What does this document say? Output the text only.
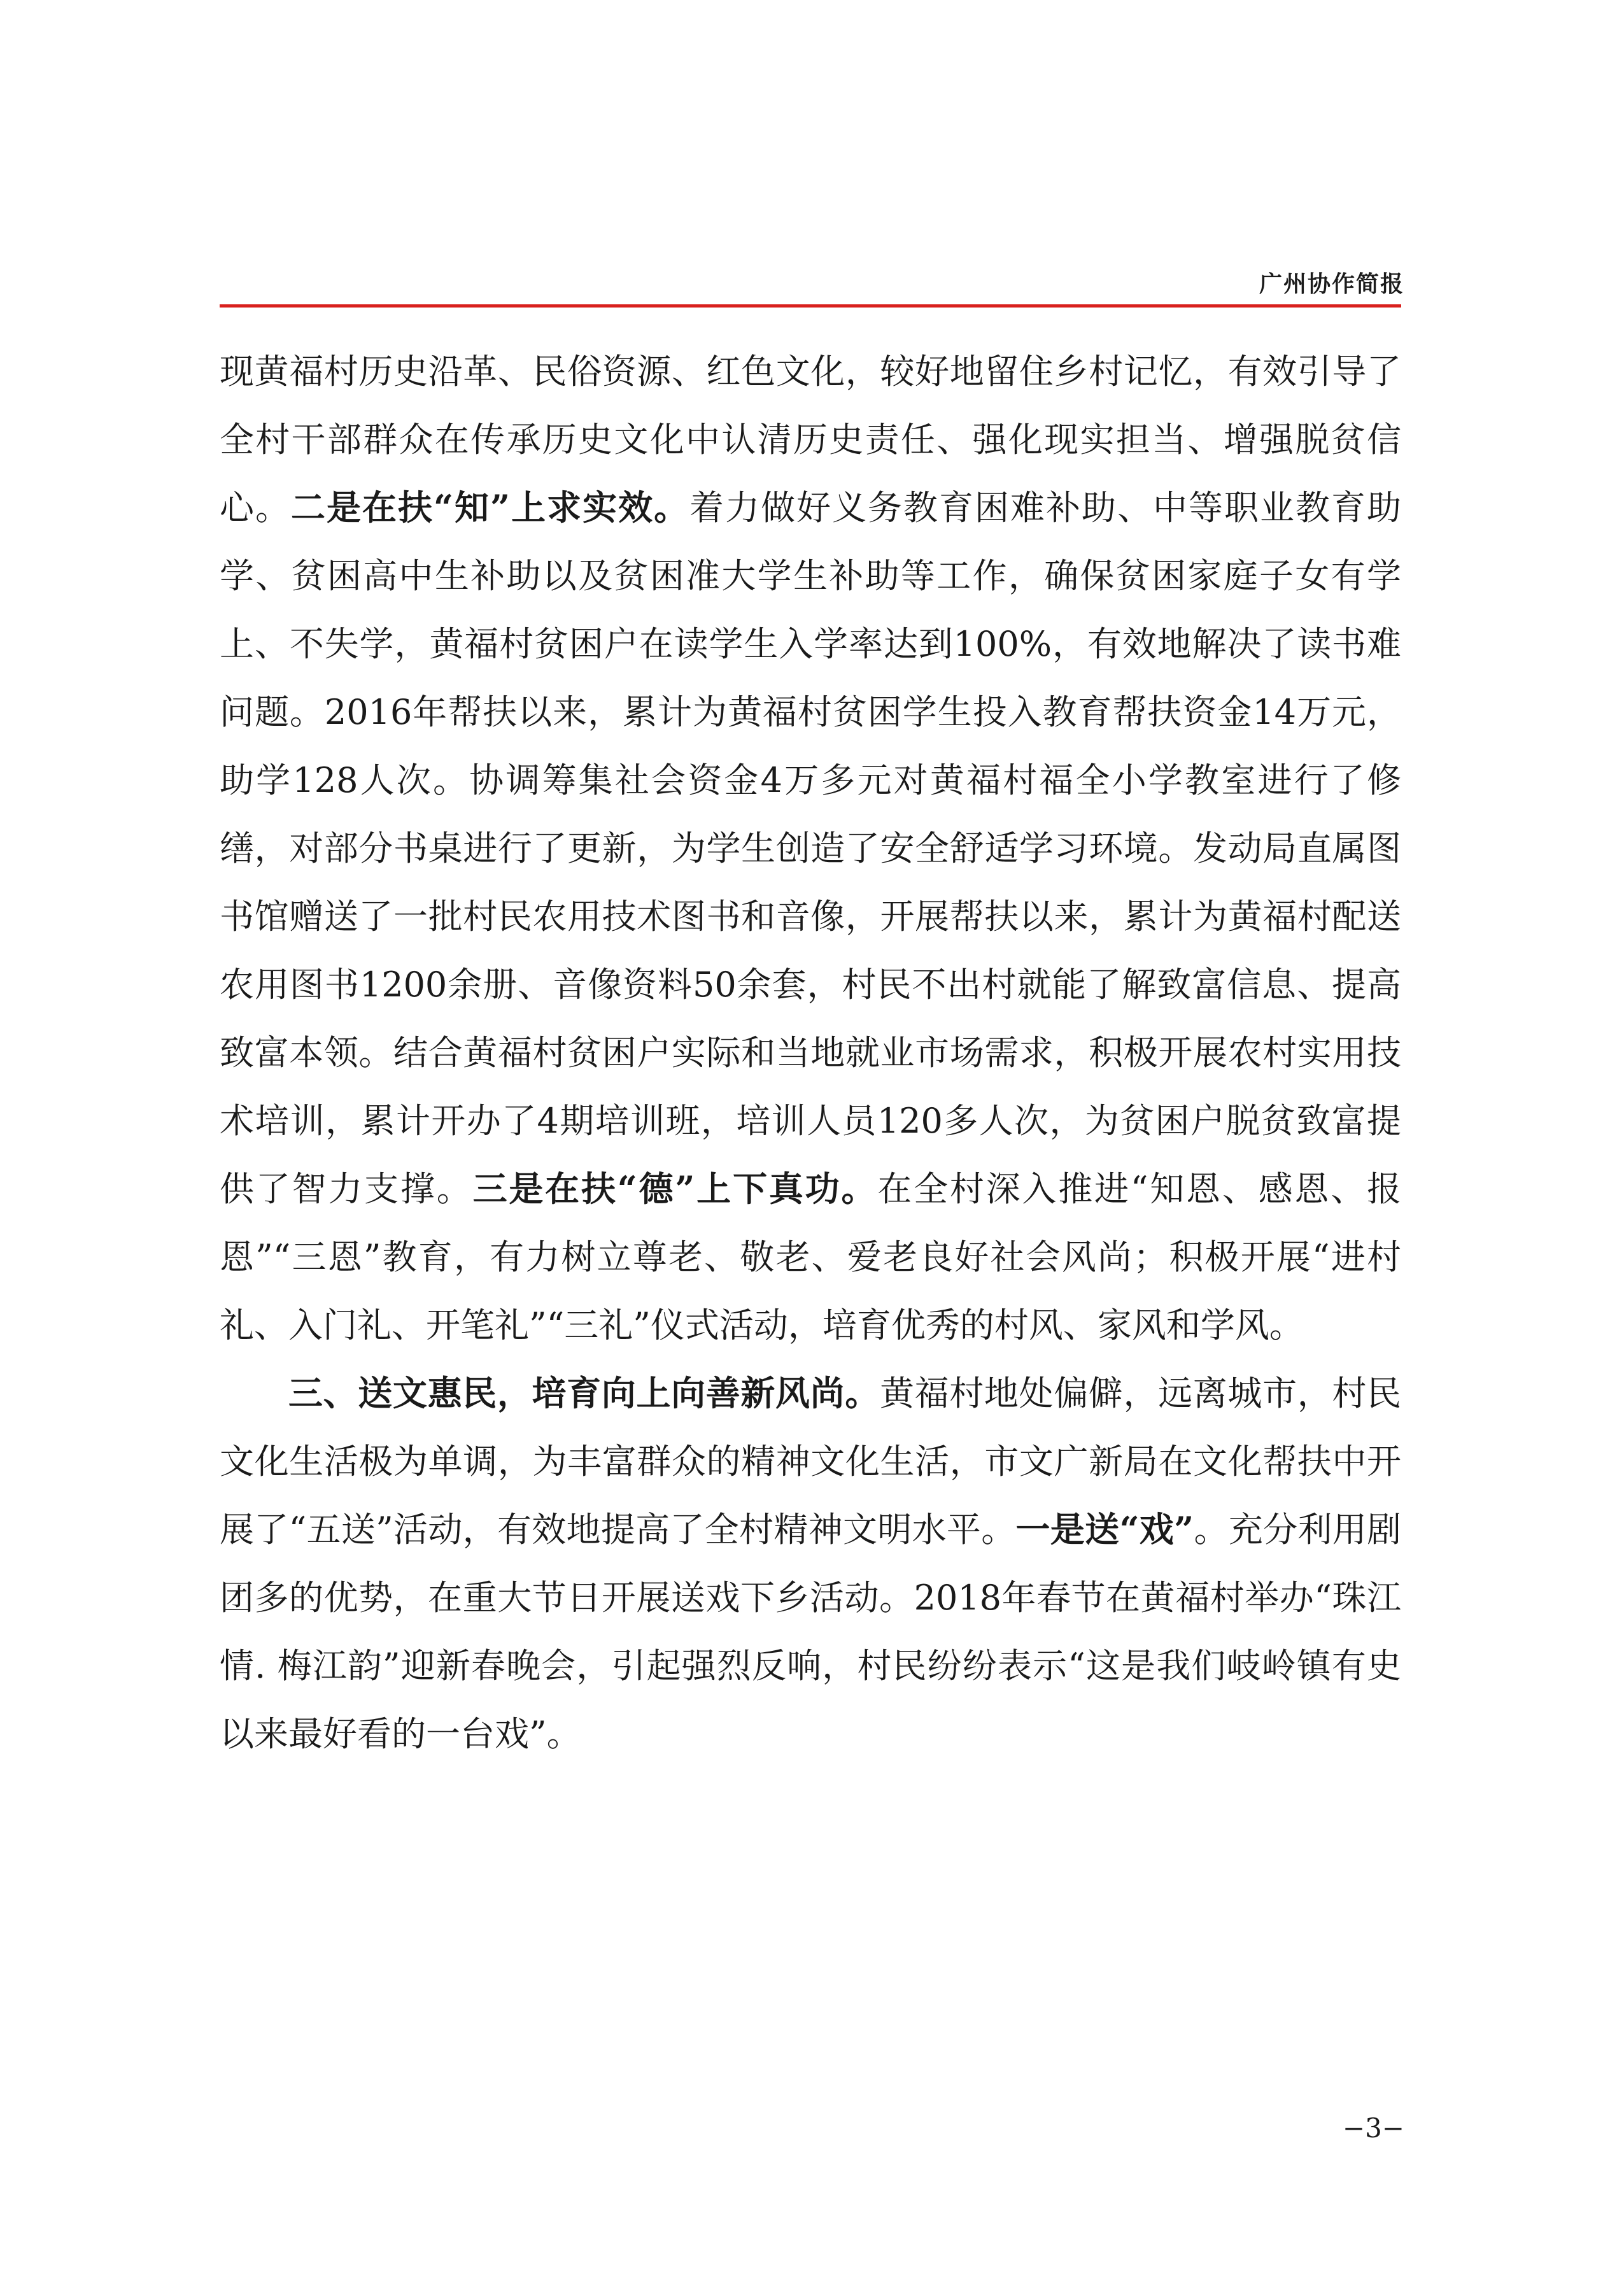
广州协作简报

现黄福村历史沿革、民俗资源、红色文化，较好地留住乡村记忆，有效引导了全村干部群众在传承历史文化中认清历史责任、强化现实担当、增强脱贫信心。二是在扶“知”上求实效。着力做好义务教育困难补助、中等职业教育助学、贫困高中生补助以及贫困准大学生补助等工作，确保贫困家庭子女有学上、不失学，黄福村贫困户在读学生入学率达到100%，有效地解决了读书难问题。2016年帮扶以来，累计为黄福村贫困学生投入教育帮扶资金14万元，助学128人次。协调筹集社会资金4万多元对黄福村福全小学教室进行了修缮，对部分书桌进行了更新，为学生创造了安全舒适学习环境。发动局直属图书馆赠送了一批村民农用技术图书和音像，开展帮扶以来，累计为黄福村配送农用图书1200余册、音像资料50余套，村民不出村就能了解致富信息、提高致富本领。结合黄福村贫困户实际和当地就业市场需求，积极开展农村实用技术培训，累计开办了4期培训班，培训人员120多人次，为贫困户脱贫致富提供了智力支撑。三是在扶“德”上下真功。在全村深入推进“知恩、感恩、报恩”“三恩”教育，有力树立尊老、敬老、爱老良好社会风尚；积极开展“进村礼、入门礼、开笔礼”“三礼”仪式活动，培育优秀的村风、家风和学风。

三、送文惠民，培育向上向善新风尚。黄福村地处偏僻，远离城市，村民文化生活极为单调，为丰富群众的精神文化生活，市文广新局在文化帮扶中开展了“五送”活动，有效地提高了全村精神文明水平。一是送“戏”。充分利用剧团多的优势，在重大节日开展送戏下乡活动。2018年春节在黄福村举办“珠江情. 梅江韵”迎新春晚会，引起强烈反响，村民纷纷表示“这是我们岐岭镇有史以来最好看的一台戏”。

−3−
